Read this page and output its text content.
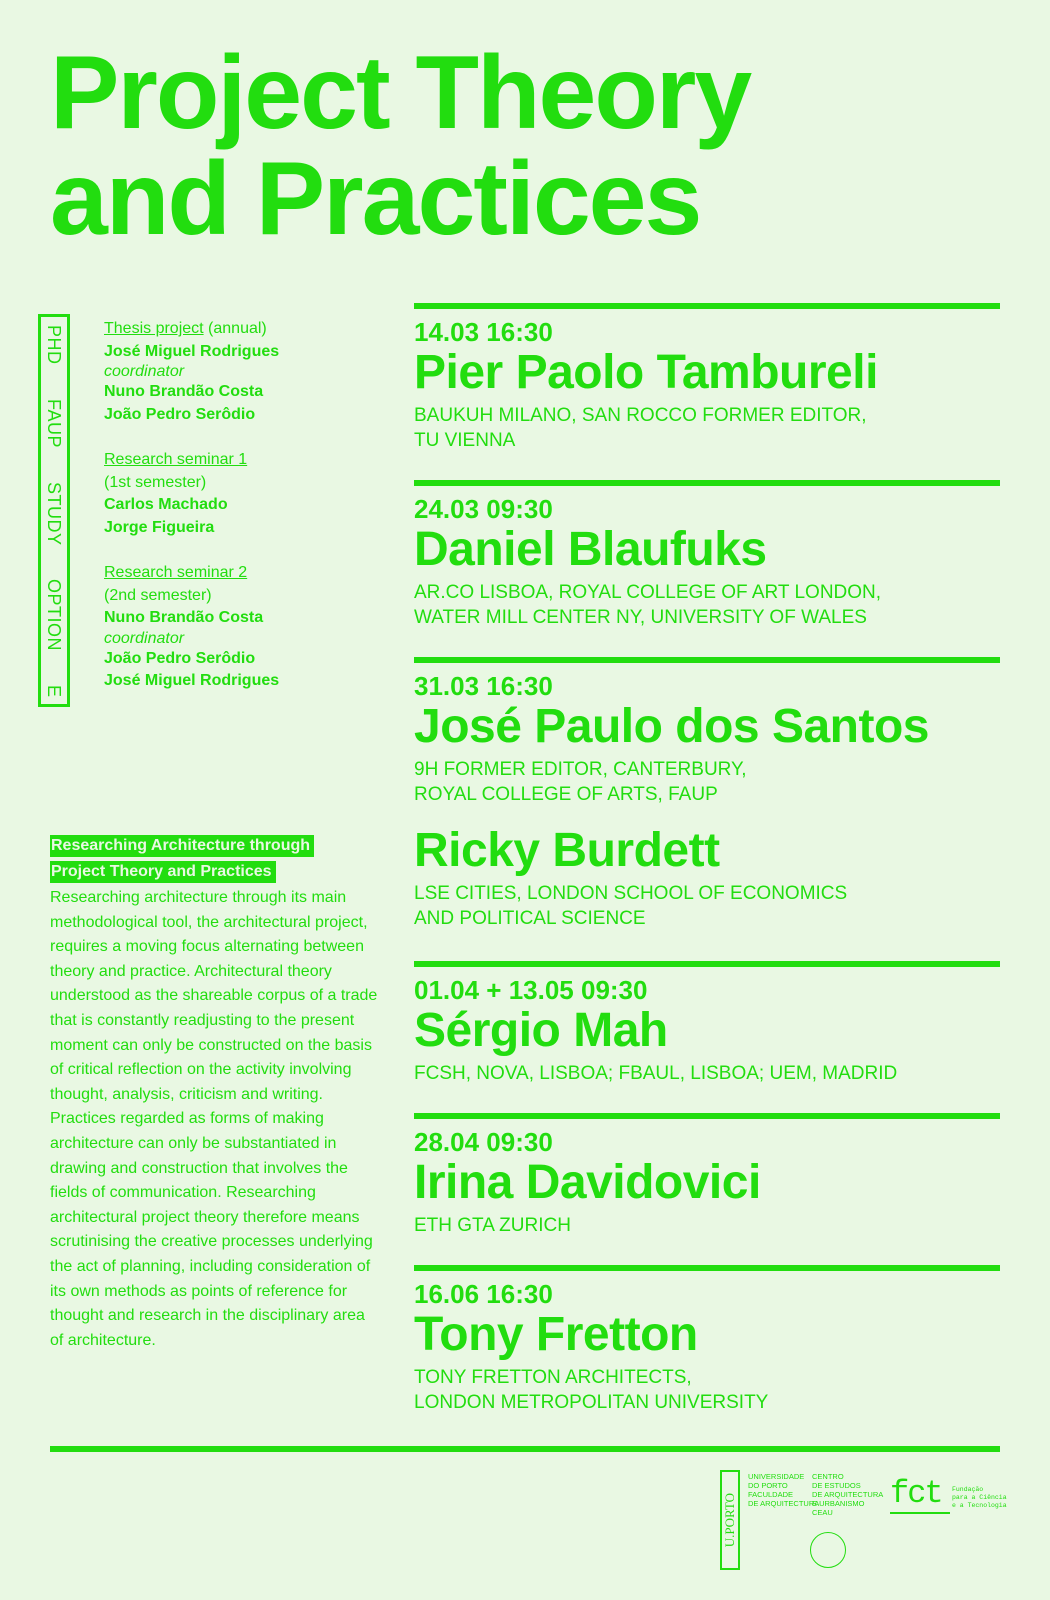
Project Theory
and Practices
PHD
FAUP
STUDY
OPTION
E
Thesis project (annual)
José Miguel Rodrigues
coordinator
Nuno Brandão Costa
João Pedro Serôdio
Research seminar 1
(1st semester)
Carlos Machado
Jorge Figueira
Research seminar 2
(2nd semester)
Nuno Brandão Costa
coordinator
João Pedro Serôdio
José Miguel Rodrigues
Researching Architecture through
Project Theory and Practices
Researching architecture through its main methodological tool, the architectural project, requires a moving focus alternating between theory and practice. Architectural theory understood as the shareable corpus of a trade that is constantly readjusting to the present moment can only be constructed on the basis of critical reflection on the activity involving thought, analysis, criticism and writing. Practices regarded as forms of making architecture can only be substantiated in drawing and construction that involves the fields of communication. Researching architectural project theory therefore means scrutinising the creative processes underlying the act of planning, including consideration of its own methods as points of reference for thought and research in the disciplinary area of architecture.
14.03 16:30
Pier Paolo Tambureli
BAUKUH MILANO, SAN ROCCO FORMER EDITOR,
TU VIENNA
24.03 09:30
Daniel Blaufuks
AR.CO LISBOA, ROYAL COLLEGE OF ART LONDON,
WATER MILL CENTER NY, UNIVERSITY OF WALES
31.03 16:30
José Paulo dos Santos
9H FORMER EDITOR, CANTERBURY,
ROYAL COLLEGE OF ARTS, FAUP
Ricky Burdett
LSE CITIES, LONDON SCHOOL OF ECONOMICS
AND POLITICAL SCIENCE
01.04 + 13.05 09:30
Sérgio Mah
FCSH, NOVA, LISBOA; FBAUL, LISBOA; UEM, MADRID
28.04 09:30
Irina Davidovici
ETH GTA ZURICH
16.06 16:30
Tony Fretton
TONY FRETTON ARCHITECTS,
LONDON METROPOLITAN UNIVERSITY
U.PORTO
UNIVERSIDADE
DO PORTO
FACULDADE
DE ARQUITECTURA
CENTRO
DE ESTUDOS
DE ARQUITECTURA
E URBANISMO
CEAU
fct Fundação
para a Ciência
e a Tecnologia
